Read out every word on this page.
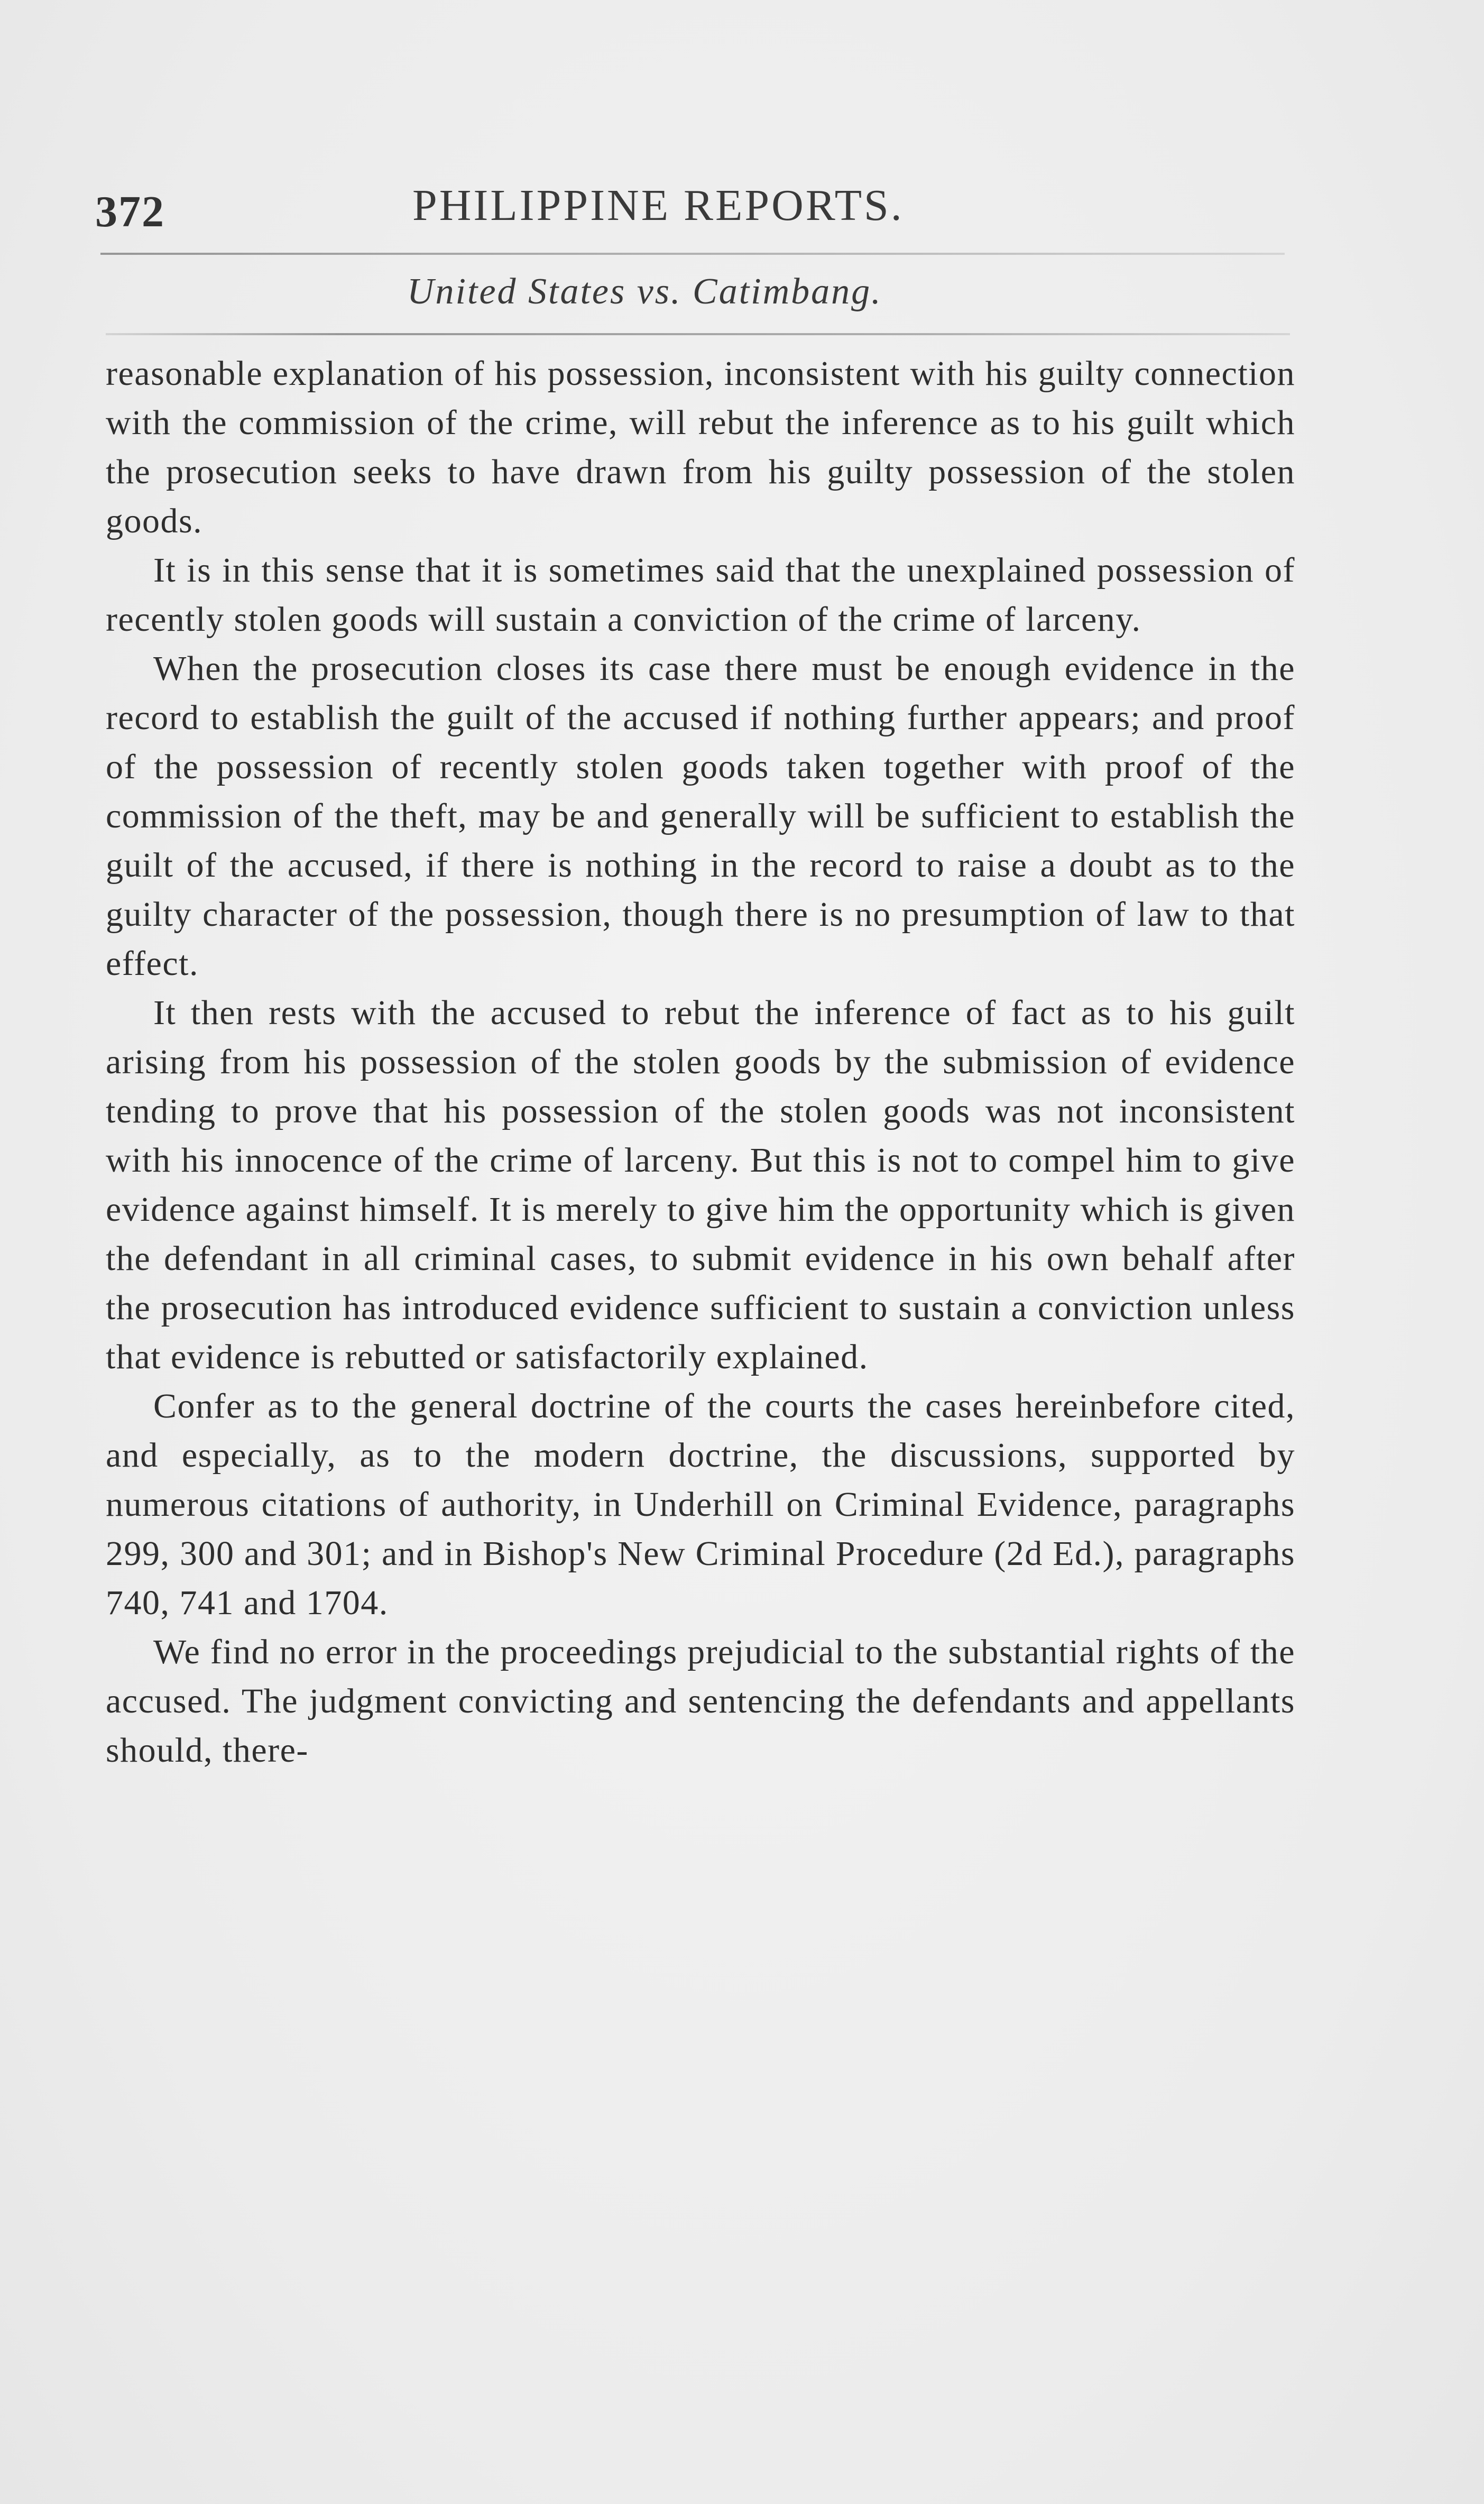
372	PHILIPPINE REPORTS.
United States vs. Catimbang.

reasonable explanation of his possession, inconsistent with his guilty connection with the commission of the crime, will rebut the inference as to his guilt which the prosecution seeks to have drawn from his guilty possession of the stolen goods.

It is in this sense that it is sometimes said that the unexplained possession of recently stolen goods will sustain a conviction of the crime of larceny.

When the prosecution closes its case there must be enough evidence in the record to establish the guilt of the accused if nothing further appears; and proof of the possession of recently stolen goods taken together with proof of the commission of the theft, may be and generally will be sufficient to establish the guilt of the accused, if there is nothing in the record to raise a doubt as to the guilty character of the possession, though there is no presumption of law to that effect.

It then rests with the accused to rebut the inference of fact as to his guilt arising from his possession of the stolen goods by the submission of evidence tending to prove that his possession of the stolen goods was not inconsistent with his innocence of the crime of larceny. But this is not to compel him to give evidence against himself. It is merely to give him the opportunity which is given the defendant in all criminal cases, to submit evidence in his own behalf after the prosecution has introduced evidence sufficient to sustain a conviction unless that evidence is rebutted or satisfactorily explained.

Confer as to the general doctrine of the courts the cases hereinbefore cited, and especially, as to the modern doctrine, the discussions, supported by numerous citations of authority, in Underhill on Criminal Evidence, paragraphs 299, 300 and 301; and in Bishop's New Criminal Procedure (2d Ed.), paragraphs 740, 741 and 1704.

We find no error in the proceedings prejudicial to the substantial rights of the accused. The judgment convicting and sentencing the defendants and appellants should, there-
